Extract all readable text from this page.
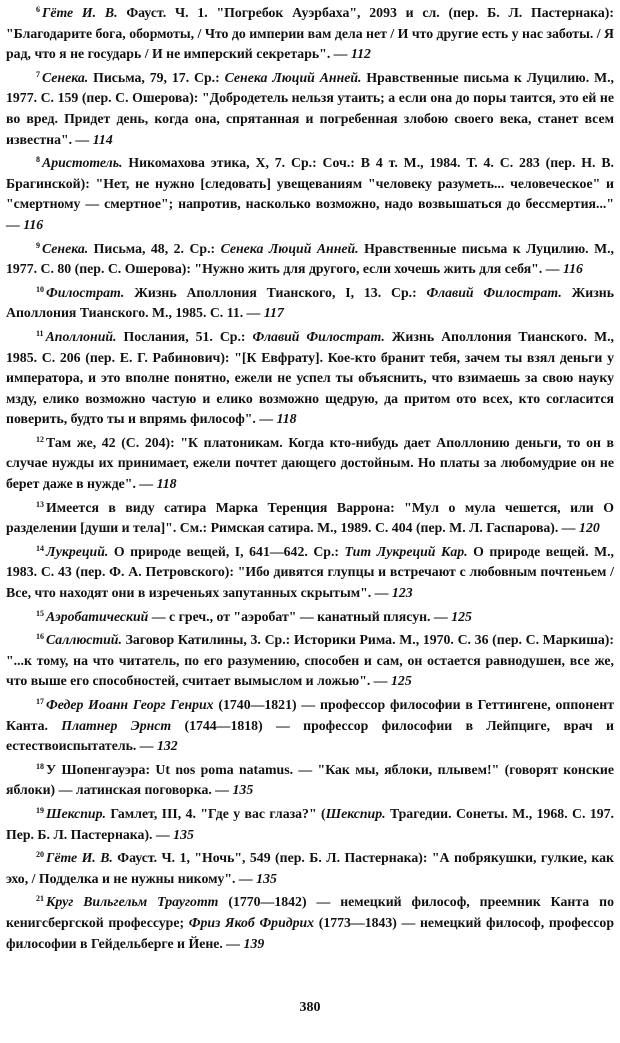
$^6$ Гёте И. В. Фауст. Ч. 1. "Погребок Ауэрбаха", 2093 и сл. (пер. Б. Л. Пастернака): "Благодарите бога, обормоты, / Что до империи вам дела нет / И что другие есть у нас заботы. / Я рад, что я не государь / И не имперский секретарь". — 112

$^7$ Сенека. Письма, 79, 17. Ср.: Сенека Люций Анней. Нравственные письма к Луцилию. М., 1977. С. 159 (пер. С. Ошерова): "Добродетель нельзя утаить; а если она до поры таится, это ей не во вред. Придет день, когда она, спрятанная и погребенная злобою своего века, станет всем известна". — 114

$^8$ Аристотель. Никомахова этика, X, 7. Ср.: Соч.: В 4 т. М., 1984. Т. 4. С. 283 (пер. Н. В. Брагинской): "Нет, не нужно [следовать] увещеваниям "человеку разуметь... человеческое" и "смертному — смертное"; напротив, насколько возможно, надо возвышаться до бессмертия..." — 116

$^9$ Сенека. Письма, 48, 2. Ср.: Сенека Люций Анней. Нравственные письма к Луцилию. М., 1977. С. 80 (пер. С. Ошерова): "Нужно жить для другого, если хочешь жить для себя". — 116

$^{10}$ Филострат. Жизнь Аполлония Тианского, I, 13. Ср.: Флавий Филострат. Жизнь Аполлония Тианского. М., 1985. С. 11. — 117

$^{11}$ Аполлоний. Послания, 51. Ср.: Флавий Филострат. Жизнь Аполлония Тианского. М., 1985. С. 206 (пер. Е. Г. Рабинович): "[К Евфрату]. Кое-кто бранит тебя, зачем ты взял деньги у императора, и это вполне понятно, ежели не успел ты объяснить, что взимаешь за свою науку мзду, елико возможно частую и елико возможно щедрую, да притом ото всех, кто согласится поверить, будто ты и впрямь философ". — 118

$^{12}$ Там же, 42 (С. 204): "К платоникам. Когда кто-нибудь дает Аполлонию деньги, то он в случае нужды их принимает, ежели почтет дающего достойным. Но платы за любомудрие он не берет даже в нужде". — 118

$^{13}$ Имеется в виду сатира Марка Теренция Варрона: "Мул о мула чешется, или О разделении [души и тела]". См.: Римская сатира. М., 1989. С. 404 (пер. М. Л. Гаспарова). — 120

$^{14}$ Лукреций. О природе вещей, I, 641—642. Ср.: Тит Лукреций Кар. О природе вещей. М., 1983. С. 43 (пер. Ф. А. Петровского): "Ибо дивятся глупцы и встречают с любовным почтеньем / Все, что находят они в изреченьях запутанных скрытым". — 123

$^{15}$ Аэробатический — с греч., от "аэробат" — канатный плясун. — 125

$^{16}$ Саллюстий. Заговор Катилины, 3. Ср.: Историки Рима. М., 1970. С. 36 (пер. С. Маркиша): "...к тому, на что читатель, по его разумению, способен и сам, он остается равнодушен, все же, что выше его способностей, считает вымыслом и ложью". — 125

$^{17}$ Федер Иоанн Георг Генрих (1740—1821) — профессор философии в Геттингене, оппонент Канта. Платнер Эрнст (1744—1818) — профессор философии в Лейпциге, врач и естествоиспытатель. — 132

$^{18}$ У Шопенгауэра: Ut nos poma natamus. — "Как мы, яблоки, плывем!" (говорят конские яблоки) — латинская поговорка. — 135

$^{19}$ Шекспир. Гамлет, III, 4. "Где у вас глаза?" (Шекспир. Трагедии. Сонеты. М., 1968. С. 197. Пер. Б. Л. Пастернака). — 135

$^{20}$ Гёте И. В. Фауст. Ч. 1, "Ночь", 549 (пер. Б. Л. Пастернака): "А побрякушки, гулкие, как эхо, / Подделка и не нужны никому". — 135

$^{21}$ Круг Вильгельм Трауготт (1770—1842) — немецкий философ, преемник Канта по кенигсбергской профессуре; Фриз Якоб Фридрих (1773—1843) — немецкий философ, профессор философии в Гейдельберге и Йене. — 139

380
